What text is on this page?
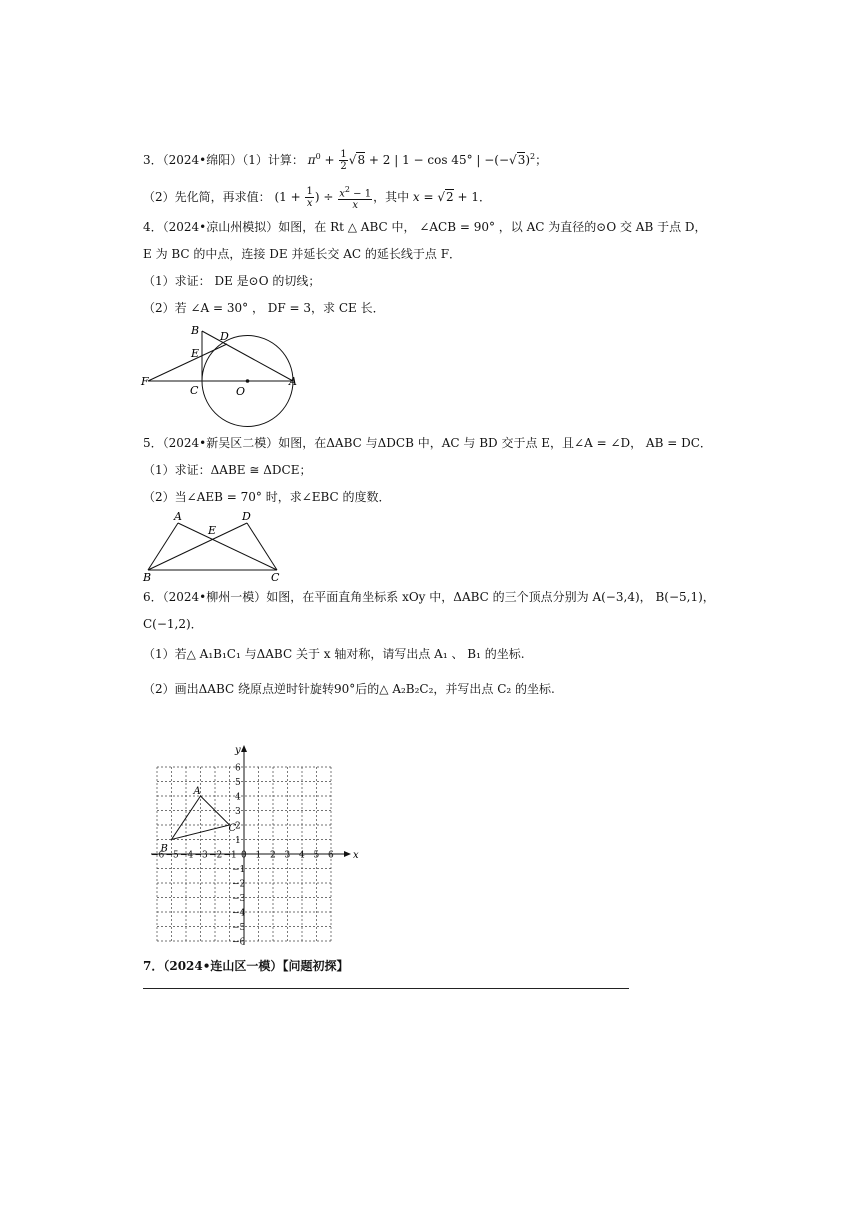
3．（2024•绵阳）（1）计算： $\pi^0 + \frac{1}{2} √8 + 2$ | 1 − cos 45° | $-(-√3)^2$；
（2）先化简，再求值： ($1 + \frac{1}{x}$ ) ÷ $\frac{x^2 - 1}{x}$ ，其中 x = √2 + 1．
4．（2024•凉山州模拟）如图，在 Rt △ ABC 中， ∠ACB = 90° ，以 AC 为直径的⊙O 交 AB 于点 D，
E 为 BC 的中点，连接 DE 并延长交 AC 的延长线于点 F．
（1）求证： DE 是⊙O 的切线；
（2）若 ∠A = 30° ， DF = 3，求 CE 长．
B D
E
F
C	O
A
5．（2024•新吴区二模）如图，在ΔABC 与ΔDCB 中，AC 与 BD 交于点 E，且∠A = ∠D， AB = DC．
（1）求证：ΔABE ≅ ΔDCE；
（2）当∠AEB = 70° 时，求∠EBC 的度数．
A	D
E
B	C
6．（2024•柳州一模）如图，在平面直角坐标系 xOy 中，ΔABC 的三个顶点分别为 A(−3,4)， B(−5,1)，
C(−1,2)．
（1）若△ A₁B₁C₁ 与ΔABC 关于 x 轴对称，请写出点 A₁ 、 B₁ 的坐标.
（2）画出ΔABC 绕原点逆时针旋转90°后的△ A₂B₂C₂，并写出点 C₂ 的坐标.
x
y
−6 −5 −4 −3 −2 −1 0 1 2 3 4 5 6
1
2
3
4
5
6
−1
−2
−3
−4
−5
−6
A
B
C
7．（2024•连山区一模）【问题初探】
